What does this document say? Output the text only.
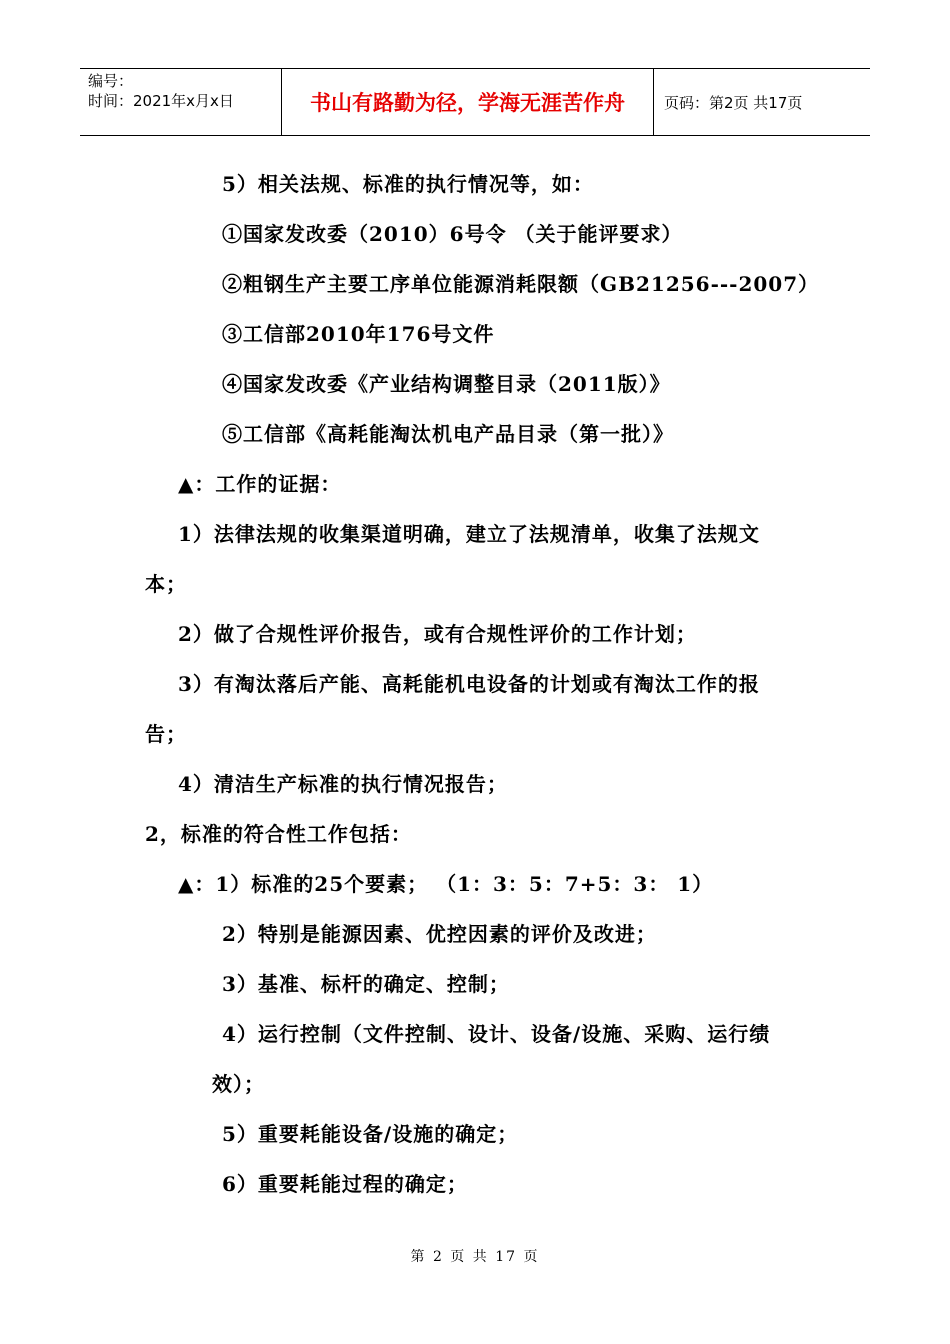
编号：
时间：2021年x月x日	书山有路勤为径，学海无涯苦作舟	页码：第2页 共17页
5）相关法规、标准的执行情况等，如：
①国家发改委（2010）6号令 （关于能评要求）
②粗钢生产主要工序单位能源消耗限额（GB21256---2007）
③工信部2010年176号文件
④国家发改委《产业结构调整目录（2011版）》
⑤工信部《高耗能淘汰机电产品目录（第一批）》
▲：工作的证据：
1）法律法规的收集渠道明确，建立了法规清单，收集了法规文
本；
2）做了合规性评价报告，或有合规性评价的工作计划；
3）有淘汰落后产能、高耗能机电设备的计划或有淘汰工作的报
告；
4）清洁生产标准的执行情况报告；
2，标准的符合性工作包括：
▲：1）标准的25个要素； （1：3：5：7+5：3： 1）
2）特别是能源因素、优控因素的评价及改进；
3）基准、标杆的确定、控制；
4）运行控制（文件控制、设计、设备/设施、采购、运行绩
效）；
5）重要耗能设备/设施的确定；
6）重要耗能过程的确定；
第 2 页 共 17 页
